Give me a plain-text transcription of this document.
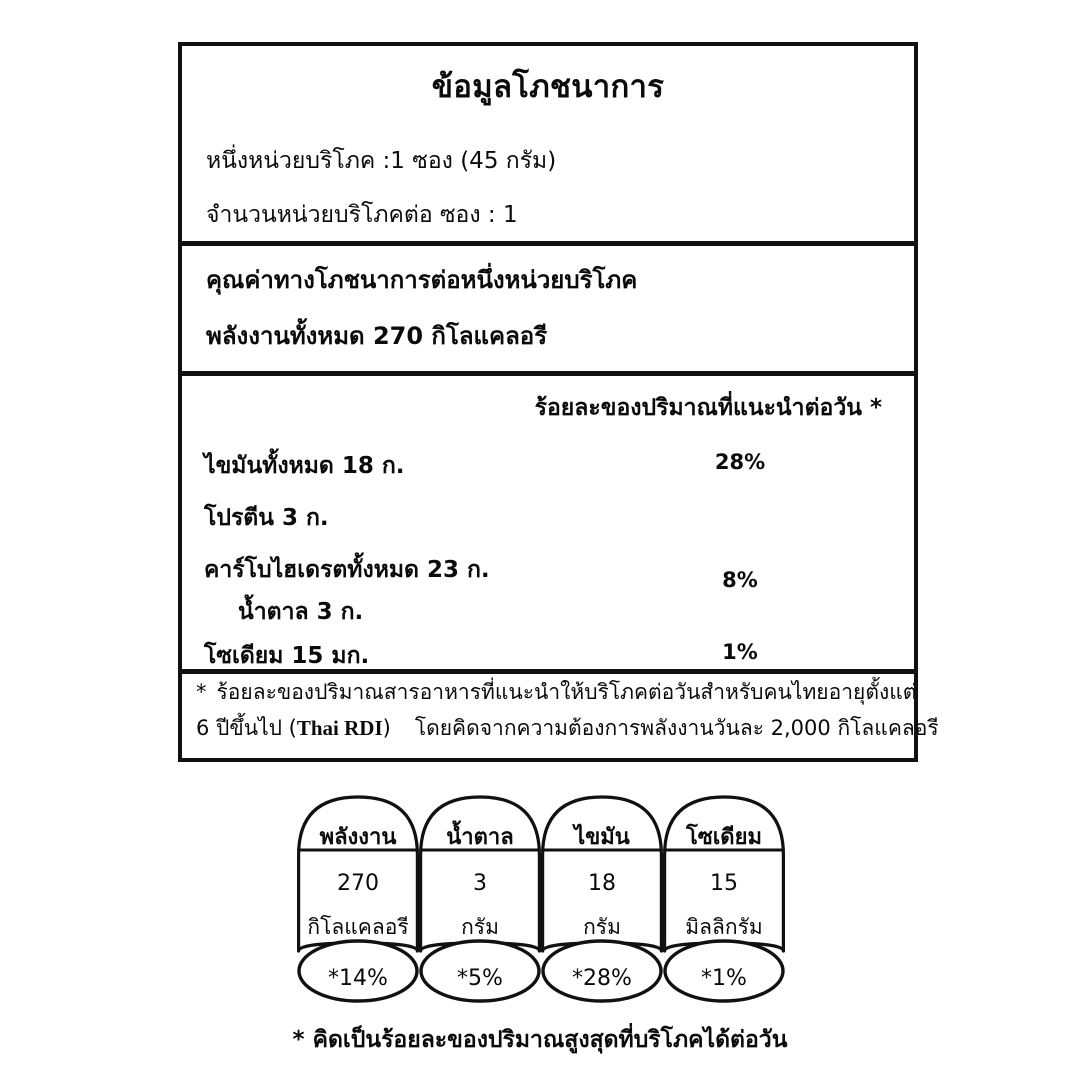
ข้อมูลโภชนาการ
หนึ่งหน่วยบริโภค :1 ซอง (45 กรัม)
จำนวนหน่วยบริโภคต่อ ซอง : 1
คุณค่าทางโภชนาการต่อหนึ่งหน่วยบริโภค
พลังงานทั้งหมด 270 กิโลแคลอรี
ร้อยละของปริมาณที่แนะนำต่อวัน *
ไขมันทั้งหมด 18 ก.	28%
โปรตีน 3 ก.
คาร์โบไฮเดรตทั้งหมด 23 ก.	8%
น้ำตาล 3 ก.
โซเดียม 15 มก.	1%
* ร้อยละของปริมาณสารอาหารที่แนะนำให้บริโภคต่อวันสำหรับคนไทยอายุตั้งแต่
6 ปีขึ้นไป (Thai RDI) โดยคิดจากความต้องการพลังงานวันละ 2,000 กิโลแคลอรี
พลังงาน
270
กิโลแคลอรี
*14%
น้ำตาล
3
กรัม
*5%
ไขมัน
18
กรัม
*28%
โซเดียม
15
มิลลิกรัม
*1%
* คิดเป็นร้อยละของปริมาณสูงสุดที่บริโภคได้ต่อวัน
